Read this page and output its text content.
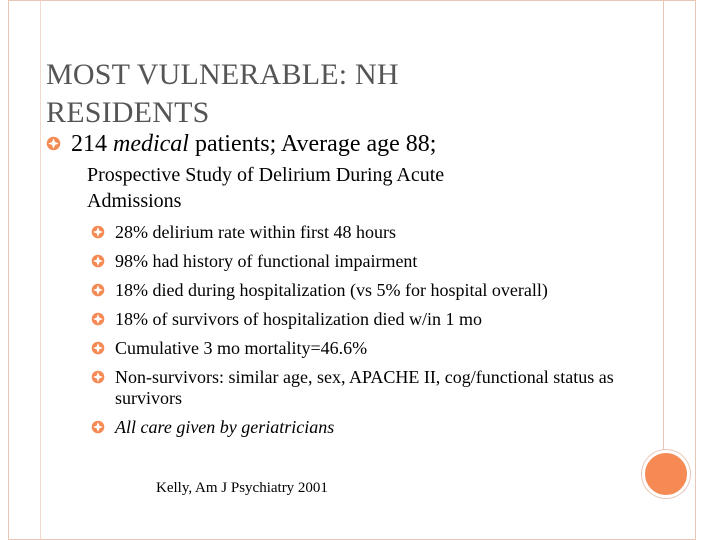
MOST VULNERABLE: NH
RESIDENTS
214 medical patients; Average age 88;
Prospective Study of Delirium During Acute
Admissions
28% delirium rate within first 48 hours
98% had history of functional impairment
18% died during hospitalization (vs 5% for hospital overall)
18% of survivors of hospitalization died w/in 1 mo
Cumulative 3 mo mortality=46.6%
Non-survivors: similar age, sex, APACHE II, cog/functional status as survivors
All care given by geriatricians
Kelly, Am J Psychiatry 2001
